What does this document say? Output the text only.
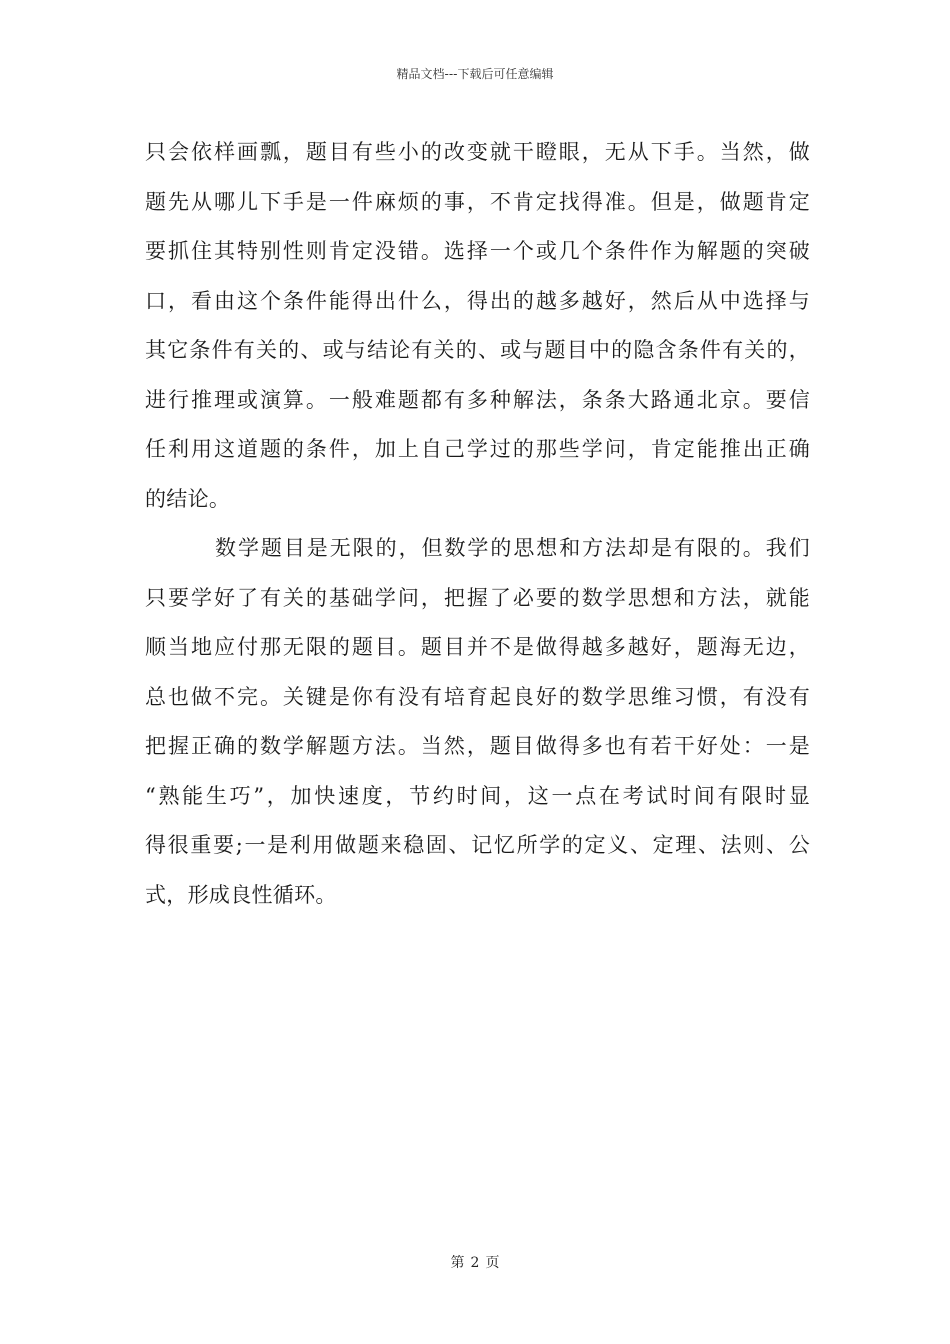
精品文档---下载后可任意编辑
只会依样画瓢，题目有些小的改变就干瞪眼，无从下手。当然，做
题先从哪儿下手是一件麻烦的事，不肯定找得准。但是，做题肯定
要抓住其特别性则肯定没错。选择一个或几个条件作为解题的突破
口，看由这个条件能得出什么，得出的越多越好，然后从中选择与
其它条件有关的、或与结论有关的、或与题目中的隐含条件有关的，
进行推理或演算。一般难题都有多种解法，条条大路通北京。要信
任利用这道题的条件，加上自己学过的那些学问，肯定能推出正确
的结论。
数学题目是无限的，但数学的思想和方法却是有限的。我们
只要学好了有关的基础学问，把握了必要的数学思想和方法，就能
顺当地应付那无限的题目。题目并不是做得越多越好，题海无边，
总也做不完。关键是你有没有培育起良好的数学思维习惯，有没有
把握正确的数学解题方法。当然，题目做得多也有若干好处：一是
“熟能生巧”，加快速度，节约时间，这一点在考试时间有限时显
得很重要;一是利用做题来稳固、记忆所学的定义、定理、法则、公
式，形成良性循环。
第 2 页
